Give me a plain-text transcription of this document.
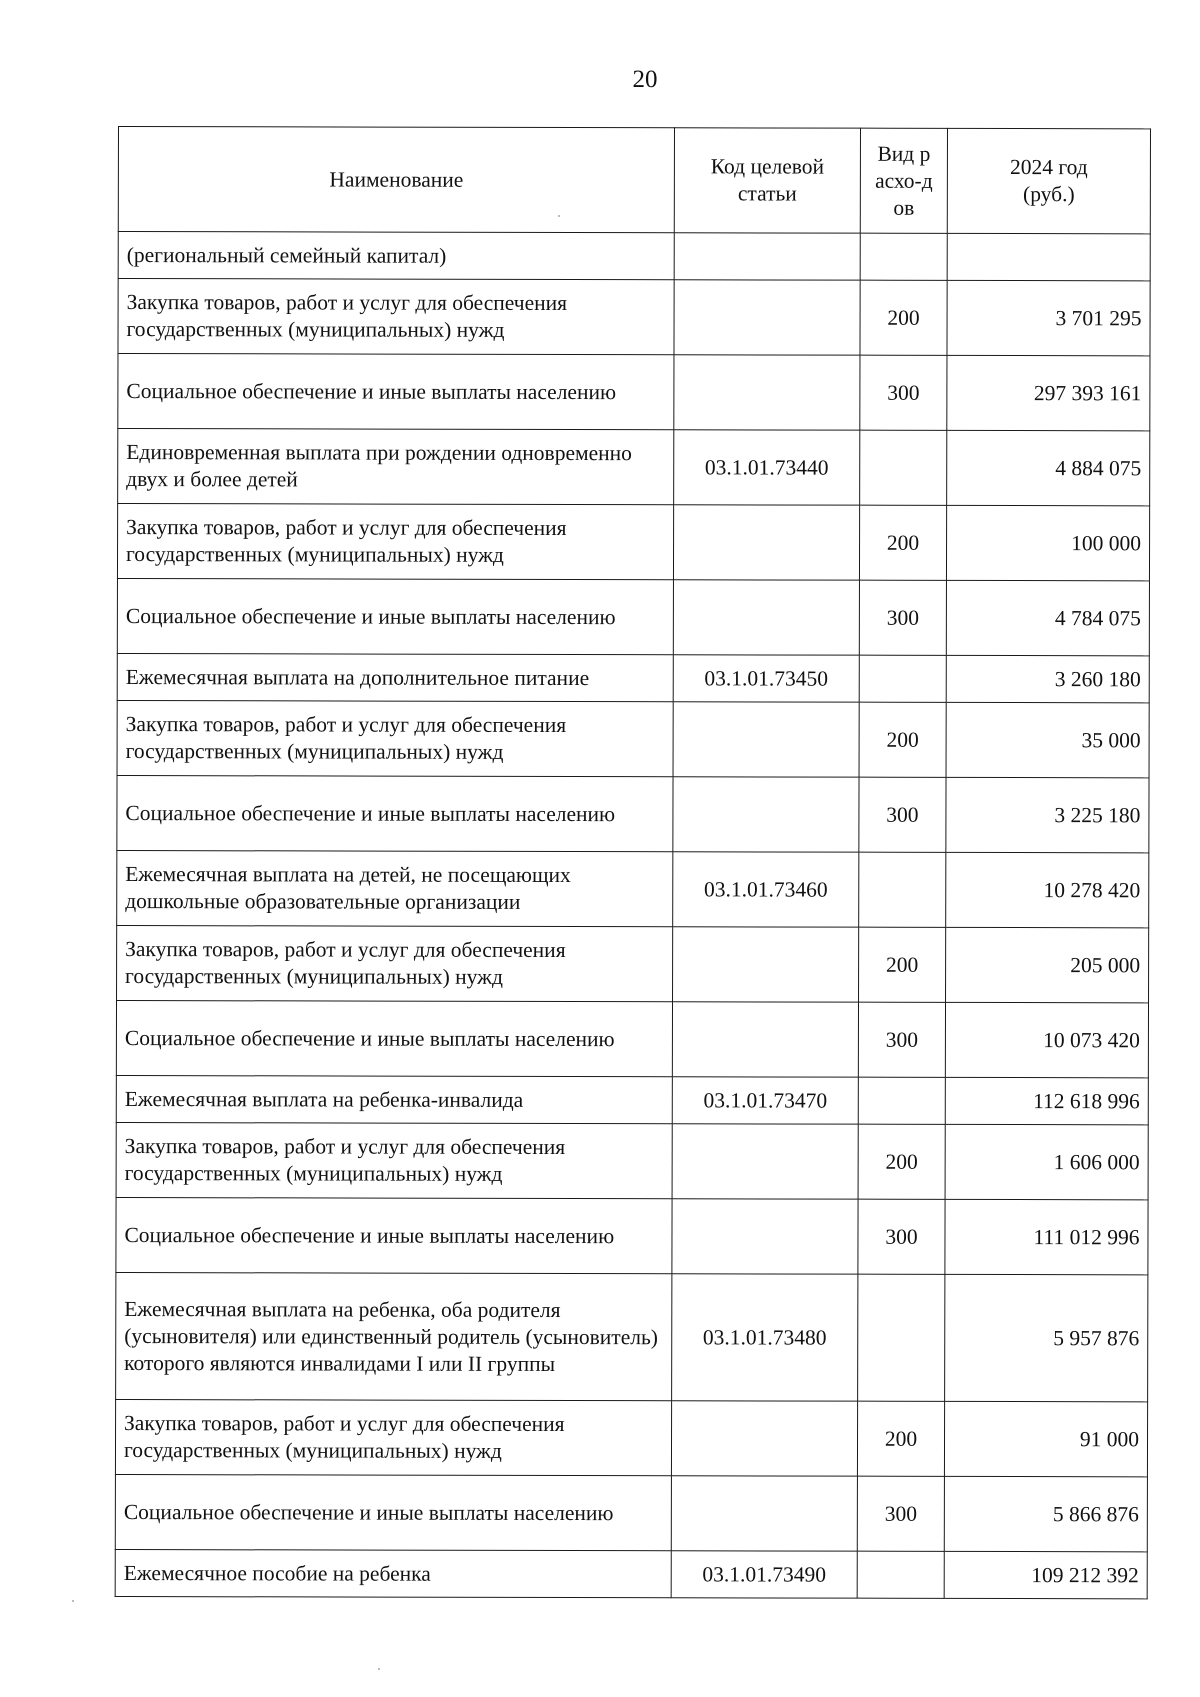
20
Наименование	Код целевой статьи	Вид расхо-дов	2024 год (руб.)
(региональный семейный капитал)			
Закупка товаров, работ и услуг для обеспечения государственных (муниципальных) нужд		200	3 701 295
Социальное обеспечение и иные выплаты населению		300	297 393 161
Единовременная выплата при рождении одновременно двух и более детей	03.1.01.73440		4 884 075
Закупка товаров, работ и услуг для обеспечения государственных (муниципальных) нужд		200	100 000
Социальное обеспечение и иные выплаты населению		300	4 784 075
Ежемесячная выплата на дополнительное питание	03.1.01.73450		3 260 180
Закупка товаров, работ и услуг для обеспечения государственных (муниципальных) нужд		200	35 000
Социальное обеспечение и иные выплаты населению		300	3 225 180
Ежемесячная выплата на детей, не посещающих дошкольные образовательные организации	03.1.01.73460		10 278 420
Закупка товаров, работ и услуг для обеспечения государственных (муниципальных) нужд		200	205 000
Социальное обеспечение и иные выплаты населению		300	10 073 420
Ежемесячная выплата на ребенка-инвалида	03.1.01.73470		112 618 996
Закупка товаров, работ и услуг для обеспечения государственных (муниципальных) нужд		200	1 606 000
Социальное обеспечение и иные выплаты населению		300	111 012 996
Ежемесячная выплата на ребенка, оба родителя (усыновителя) или единственный родитель (усыновитель) которого являются инвалидами I или II группы	03.1.01.73480		5 957 876
Закупка товаров, работ и услуг для обеспечения государственных (муниципальных) нужд		200	91 000
Социальное обеспечение и иные выплаты населению		300	5 866 876
Ежемесячное пособие на ребенка	03.1.01.73490		109 212 392
